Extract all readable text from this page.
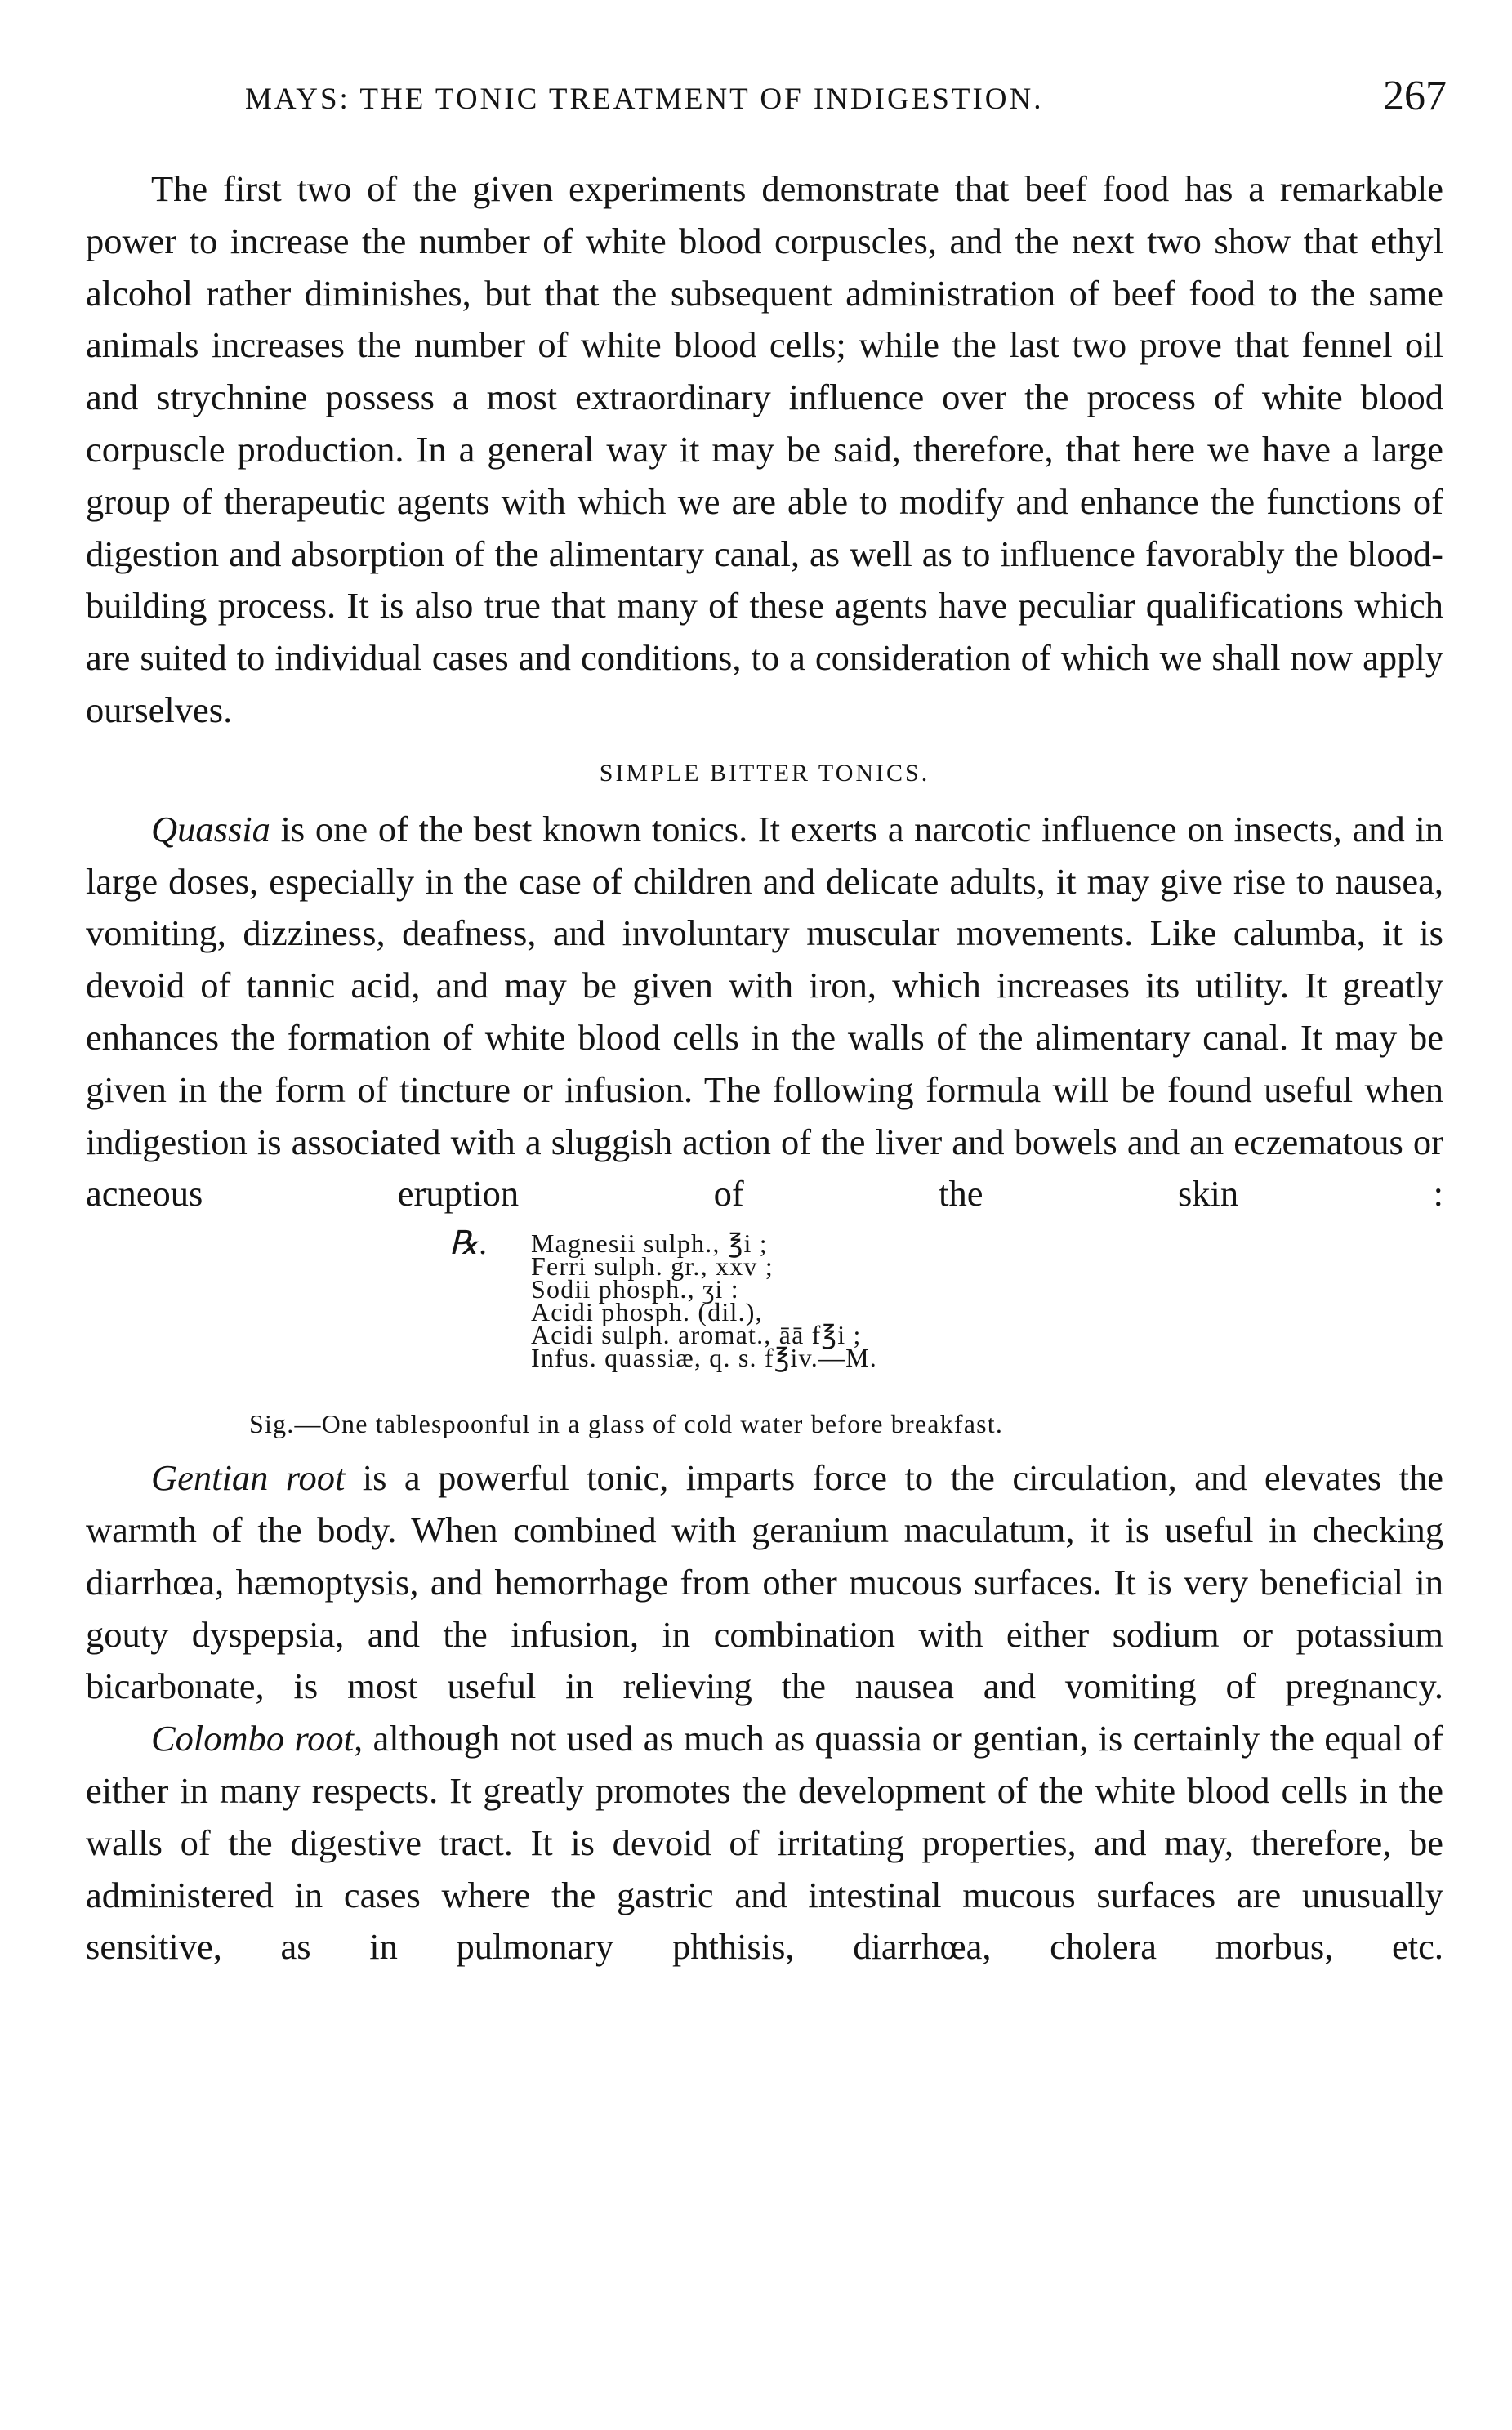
MAYS: THE TONIC TREATMENT OF INDIGESTION.	267

The first two of the given experiments demonstrate that beef food has a remarkable power to increase the number of white blood corpuscles, and the next two show that ethyl alcohol rather diminishes, but that the subsequent administration of beef food to the same animals increases the number of white blood cells; while the last two prove that fennel oil and strychnine possess a most extraordinary influence over the process of white blood corpuscle production. In a general way it may be said, therefore, that here we have a large group of therapeutic agents with which we are able to modify and enhance the functions of digestion and absorption of the alimentary canal, as well as to influence favorably the blood-building process. It is also true that many of these agents have peculiar qualifications which are suited to individual cases and conditions, to a consideration of which we shall now apply ourselves.

SIMPLE BITTER TONICS.

Quassia is one of the best known tonics. It exerts a narcotic influence on insects, and in large doses, especially in the case of children and delicate adults, it may give rise to nausea, vomiting, dizziness, deafness, and involuntary muscular movements. Like calumba, it is devoid of tannic acid, and may be given with iron, which increases its utility. It greatly enhances the formation of white blood cells in the walls of the alimentary canal. It may be given in the form of tincture or infusion. The following formula will be found useful when indigestion is associated with a sluggish action of the liver and bowels and an eczematous or acneous eruption of the skin :

℞. Magnesii sulph., ℥i ;
Ferri sulph. gr., xxv ;
Sodii phosph., ʒi :
Acidi phosph. (dil.),
Acidi sulph. aromat., āā f℥i ;
Infus. quassiæ, q. s. f℥iv.—M.
Sig.—One tablespoonful in a glass of cold water before breakfast.

Gentian root is a powerful tonic, imparts force to the circulation, and elevates the warmth of the body. When combined with geranium maculatum, it is useful in checking diarrhœa, hæmoptysis, and hemorrhage from other mucous surfaces. It is very beneficial in gouty dyspepsia, and the infusion, in combination with either sodium or potassium bicarbonate, is most useful in relieving the nausea and vomiting of pregnancy.

Colombo root, although not used as much as quassia or gentian, is certainly the equal of either in many respects. It greatly promotes the development of the white blood cells in the walls of the digestive tract. It is devoid of irritating properties, and may, therefore, be administered in cases where the gastric and intestinal mucous surfaces are unusually sensitive, as in pulmonary phthisis, diarrhœa, cholera morbus, etc.
